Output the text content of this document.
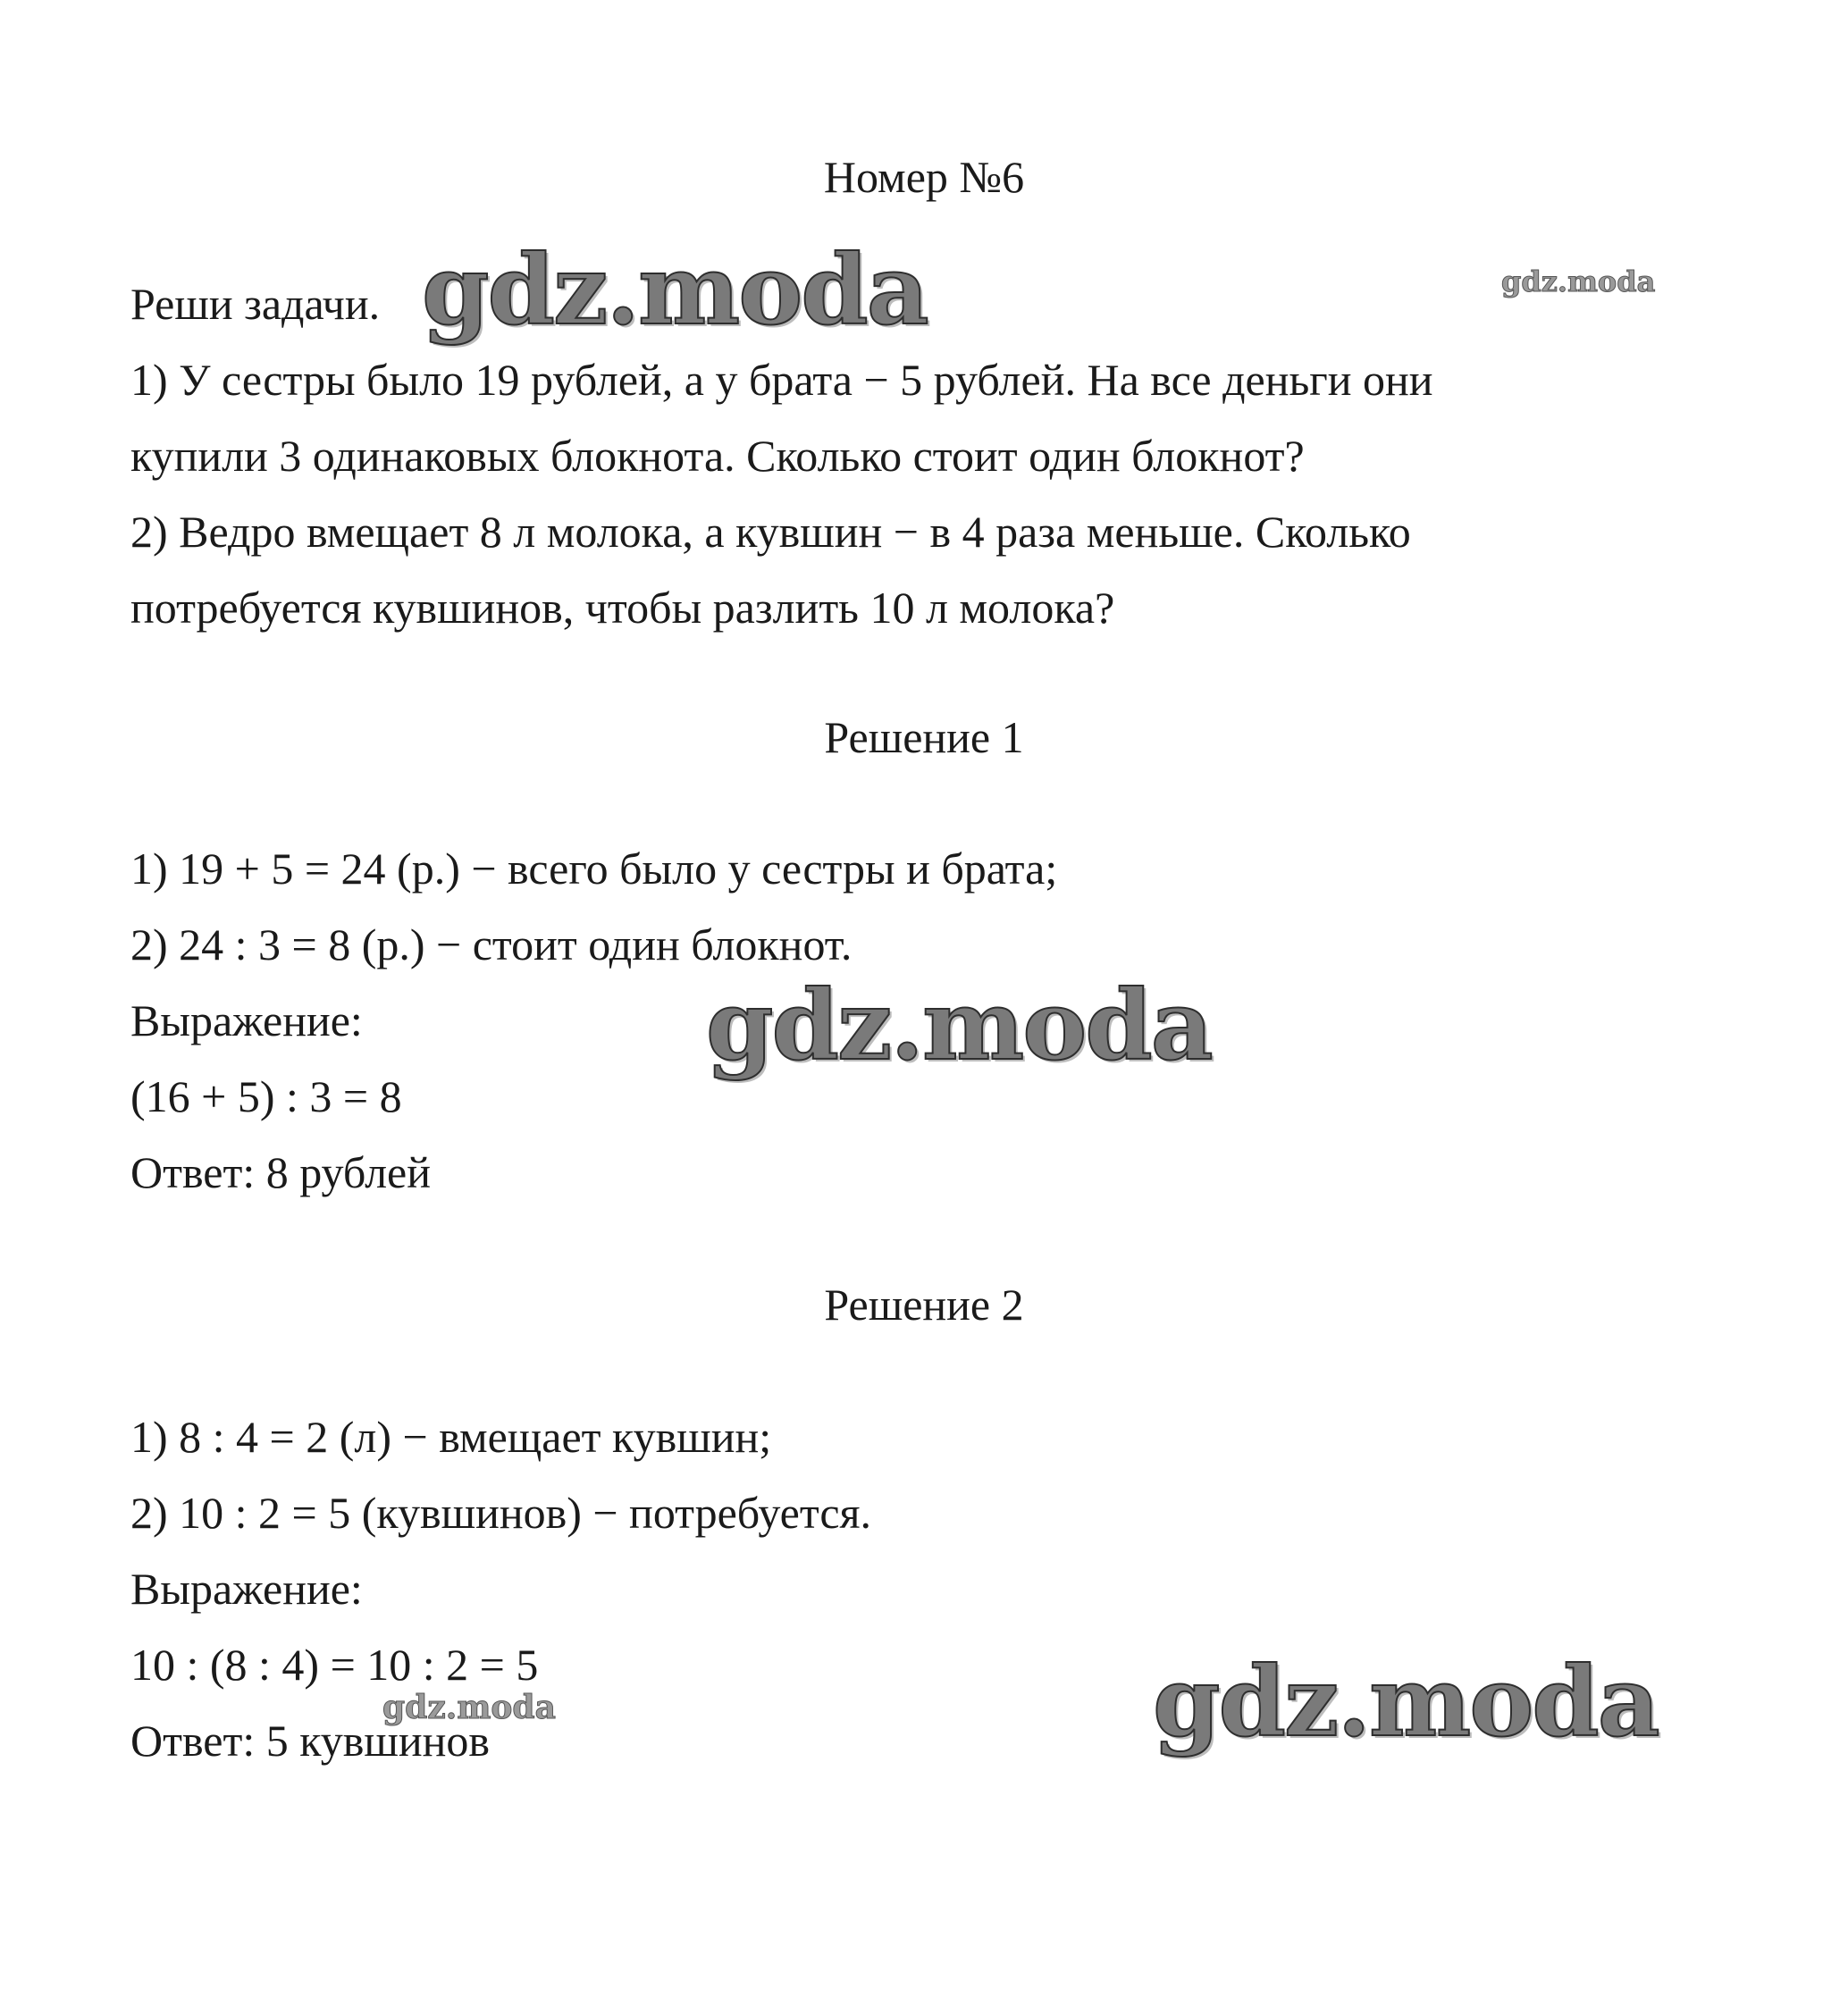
Номер №6
Реши задачи.
1) У сестры было 19 рублей, а у брата − 5 рублей. На все деньги они
купили 3 одинаковых блокнота. Сколько стоит один блокнот?
2) Ведро вмещает 8 л молока, а кувшин − в 4 раза меньше. Сколько
потребуется кувшинов, чтобы разлить 10 л молока?
Решение 1
1) 19 + 5 = 24 (р.) − всего было у сестры и брата;
2) 24 : 3 = 8 (р.) − стоит один блокнот.
Выражение:
(16 + 5) : 3 = 8
Ответ: 8 рублей
Решение 2
1) 8 : 4 = 2 (л) − вмещает кувшин;
2) 10 : 2 = 5 (кувшинов) − потребуется.
Выражение:
10 : (8 : 4) = 10 : 2 = 5
Ответ: 5 кувшинов
gdz.moda	gdz.moda
gdz.moda
gdz.moda	gdz.moda
